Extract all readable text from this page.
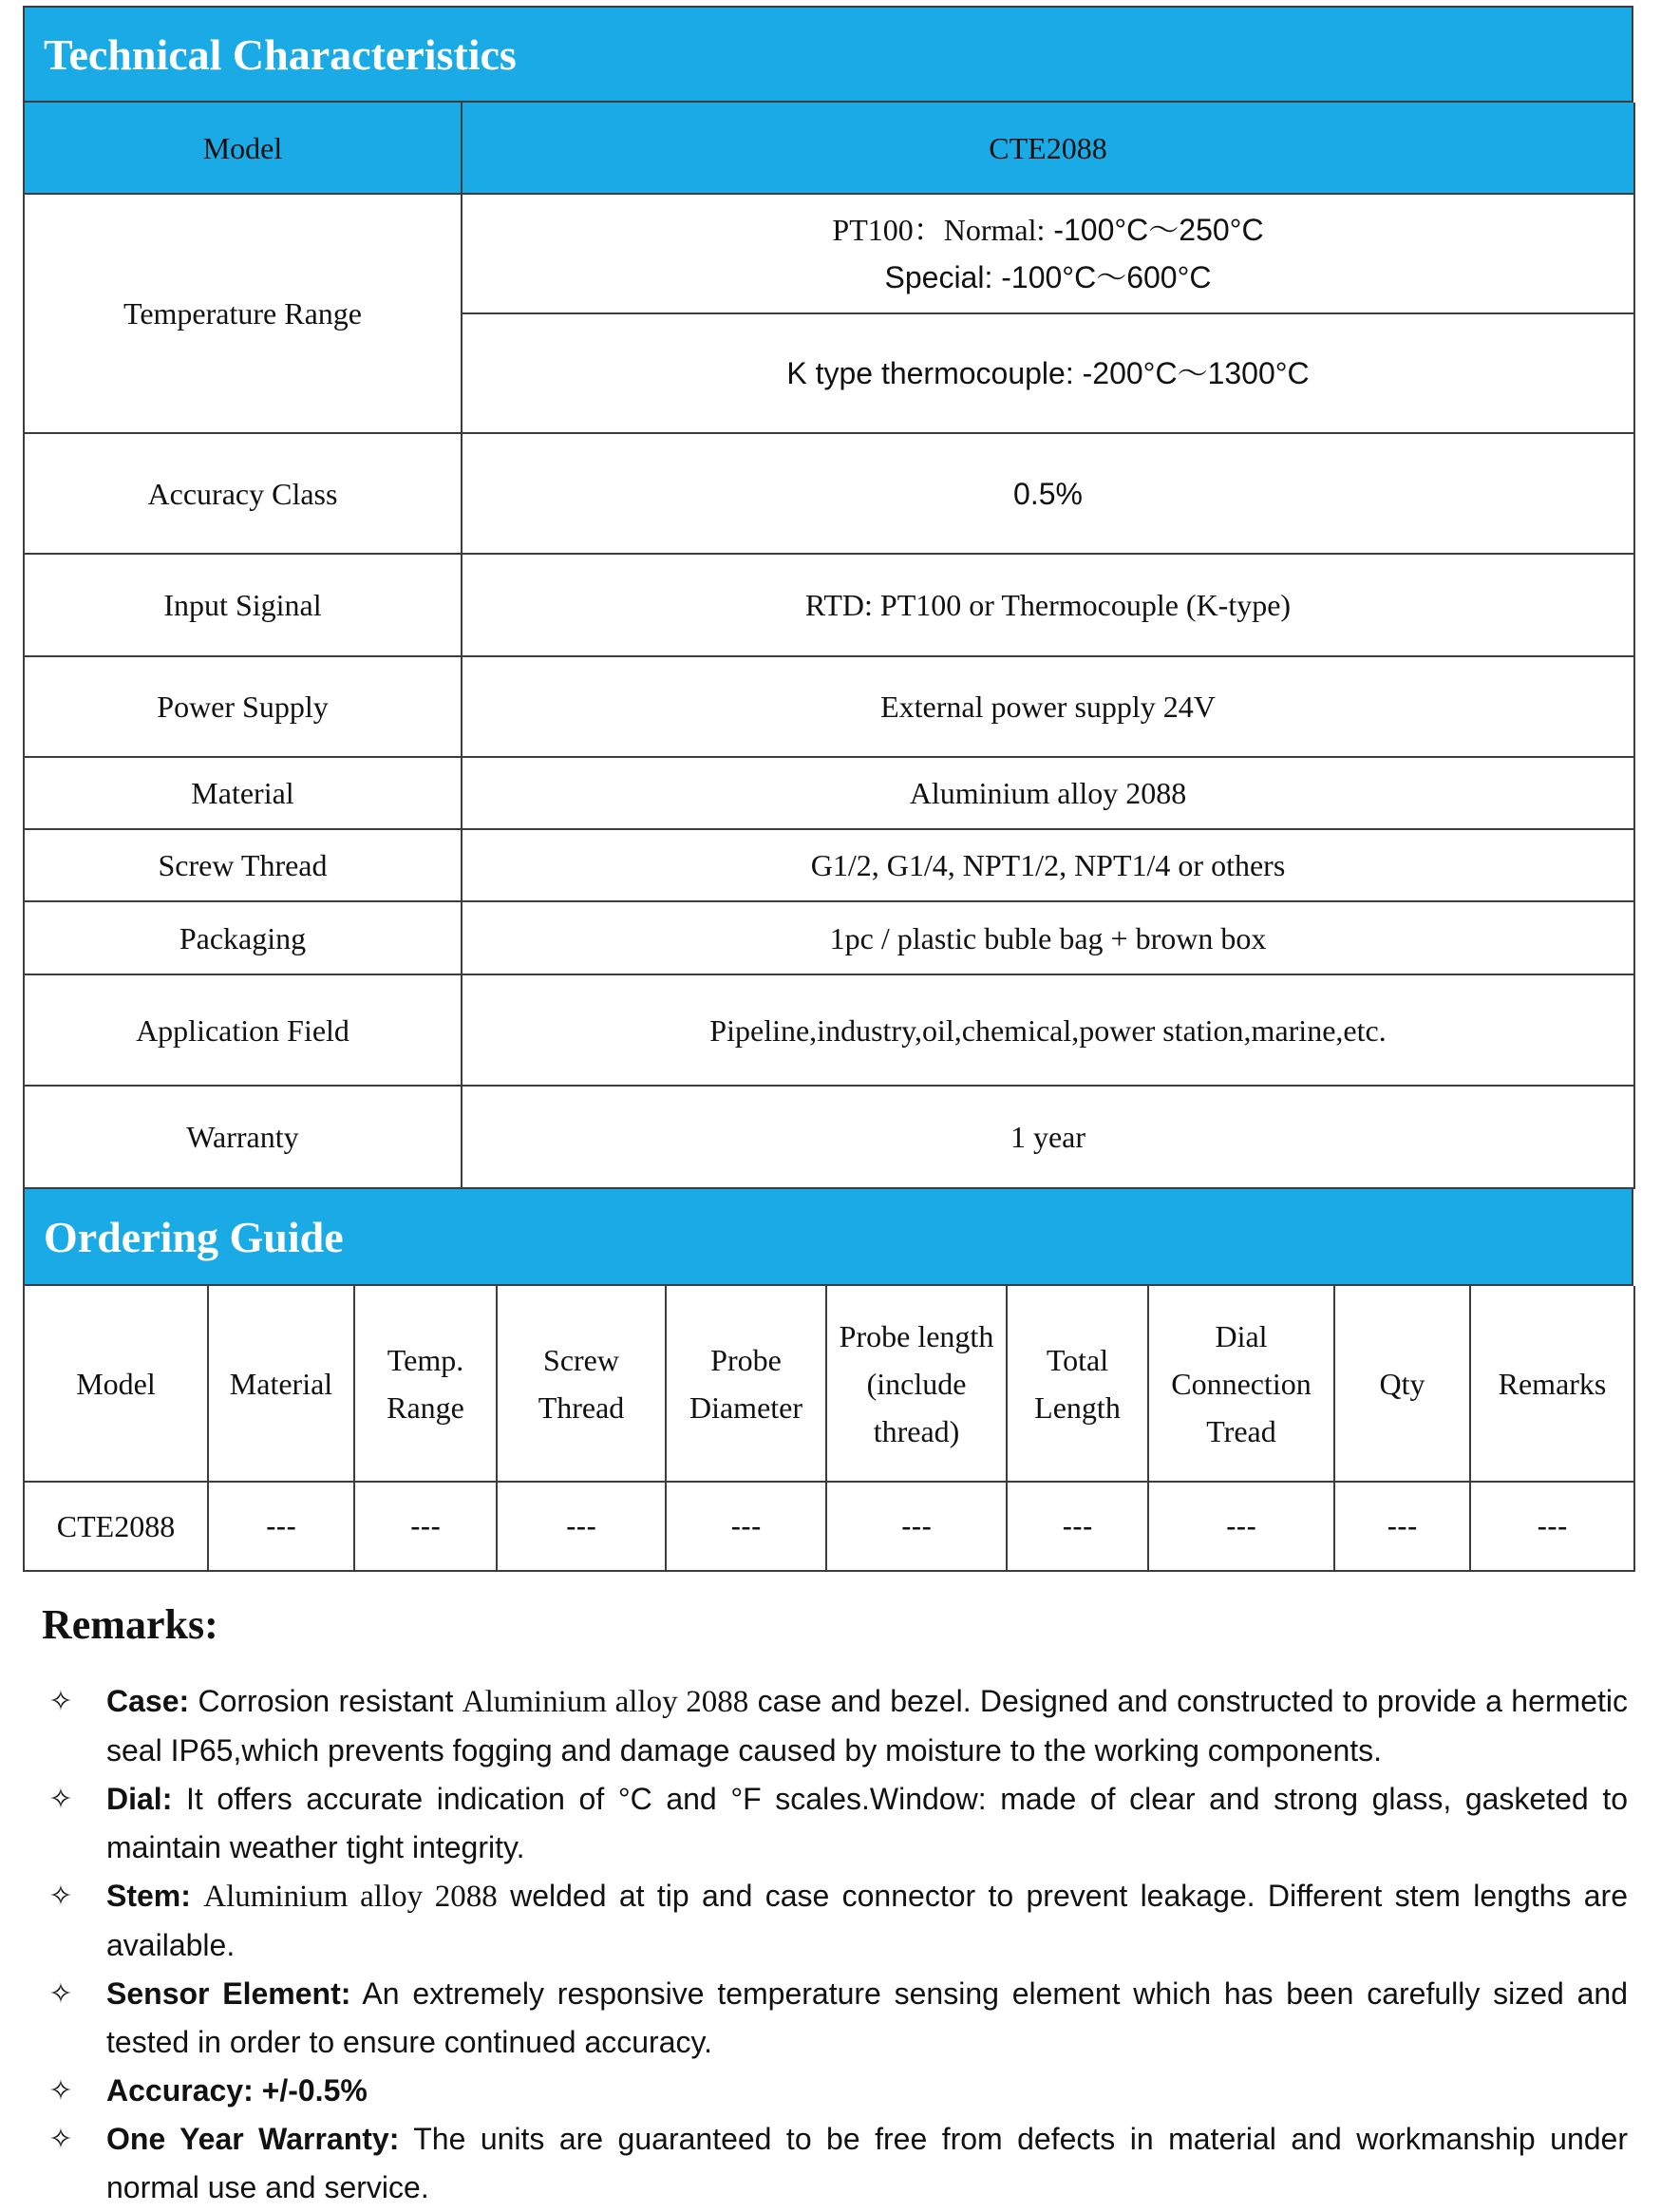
Technical Characteristics
Model	CTE2088
Temperature Range	PT100：Normal: -100°C～250°C
Special: -100°C～600°C

	K type thermocouple: -200°C～1300°C
Accuracy Class	0.5%
Input Siginal	RTD: PT100 or Thermocouple (K-type)
Power Supply	External power supply 24V
Material	Aluminium alloy 2088
Screw Thread	G1/2, G1/4, NPT1/2, NPT1/4 or others
Packaging	1pc / plastic buble bag + brown box
Application Field	Pipeline,industry,oil,chemical,power station,marine,etc.
Warranty	1 year
Ordering Guide
Model	Material	Temp. Range	Screw Thread	Probe Diameter	Probe length (include thread)	Total Length	Dial Connection Tread	Qty	Remarks
CTE2088	---	---	---	---	---	---	---	---	---
Remarks:
✧ Case: Corrosion resistant Aluminium alloy 2088 case and bezel. Designed and constructed to provide a hermetic seal IP65,which prevents fogging and damage caused by moisture to the working components.
✧ Dial: It offers accurate indication of °C and °F scales.Window: made of clear and strong glass, gasketed to maintain weather tight integrity.
✧ Stem: Aluminium alloy 2088 welded at tip and case connector to prevent leakage. Different stem lengths are available.
✧ Sensor Element: An extremely responsive temperature sensing element which has been carefully sized and tested in order to ensure continued accuracy.
✧ Accuracy: +/-0.5%
✧ One Year Warranty: The units are guaranteed to be free from defects in material and workmanship under normal use and service.
